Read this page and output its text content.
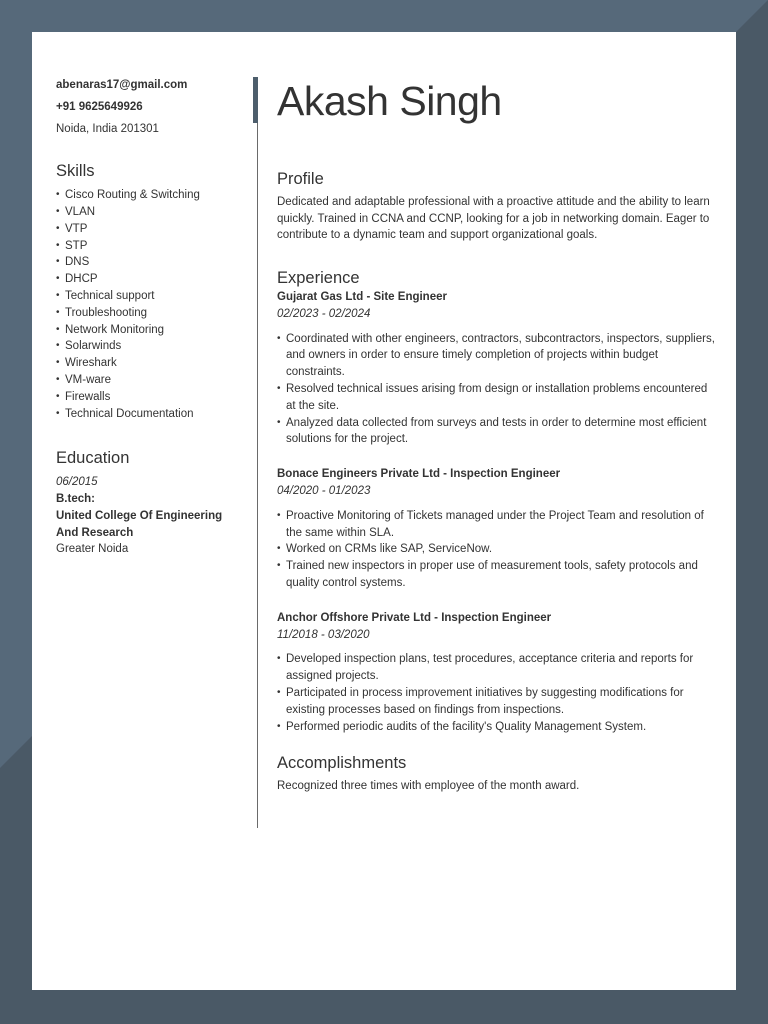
abenaras17@gmail.com
+91 9625649926
Noida, India 201301
Skills
• Cisco Routing & Switching
• VLAN
• VTP
• STP
• DNS
• DHCP
• Technical support
• Troubleshooting
• Network Monitoring
• Solarwinds
• Wireshark
• VM-ware
• Firewalls
• Technical Documentation
Education
06/2015
B.tech:
United College Of Engineering And Research
Greater Noida
Akash Singh
Profile
Dedicated and adaptable professional with a proactive attitude and the ability to learn quickly. Trained in CCNA and CCNP, looking for a job in networking domain. Eager to contribute to a dynamic team and support organizational goals.
Experience
Gujarat Gas Ltd - Site Engineer
02/2023 - 02/2024
• Coordinated with other engineers, contractors, subcontractors, inspectors, suppliers, and owners in order to ensure timely completion of projects within budget constraints.
• Resolved technical issues arising from design or installation problems encountered at the site.
• Analyzed data collected from surveys and tests in order to determine most efficient solutions for the project.
Bonace Engineers Private Ltd - Inspection Engineer
04/2020 - 01/2023
• Proactive Monitoring of Tickets managed under the Project Team and resolution of the same within SLA.
• Worked on CRMs like SAP, ServiceNow.
• Trained new inspectors in proper use of measurement tools, safety protocols and quality control systems.
Anchor Offshore Private Ltd - Inspection Engineer
11/2018 - 03/2020
• Developed inspection plans, test procedures, acceptance criteria and reports for assigned projects.
• Participated in process improvement initiatives by suggesting modifications for existing processes based on findings from inspections.
• Performed periodic audits of the facility's Quality Management System.
Accomplishments
Recognized three times with employee of the month award.
